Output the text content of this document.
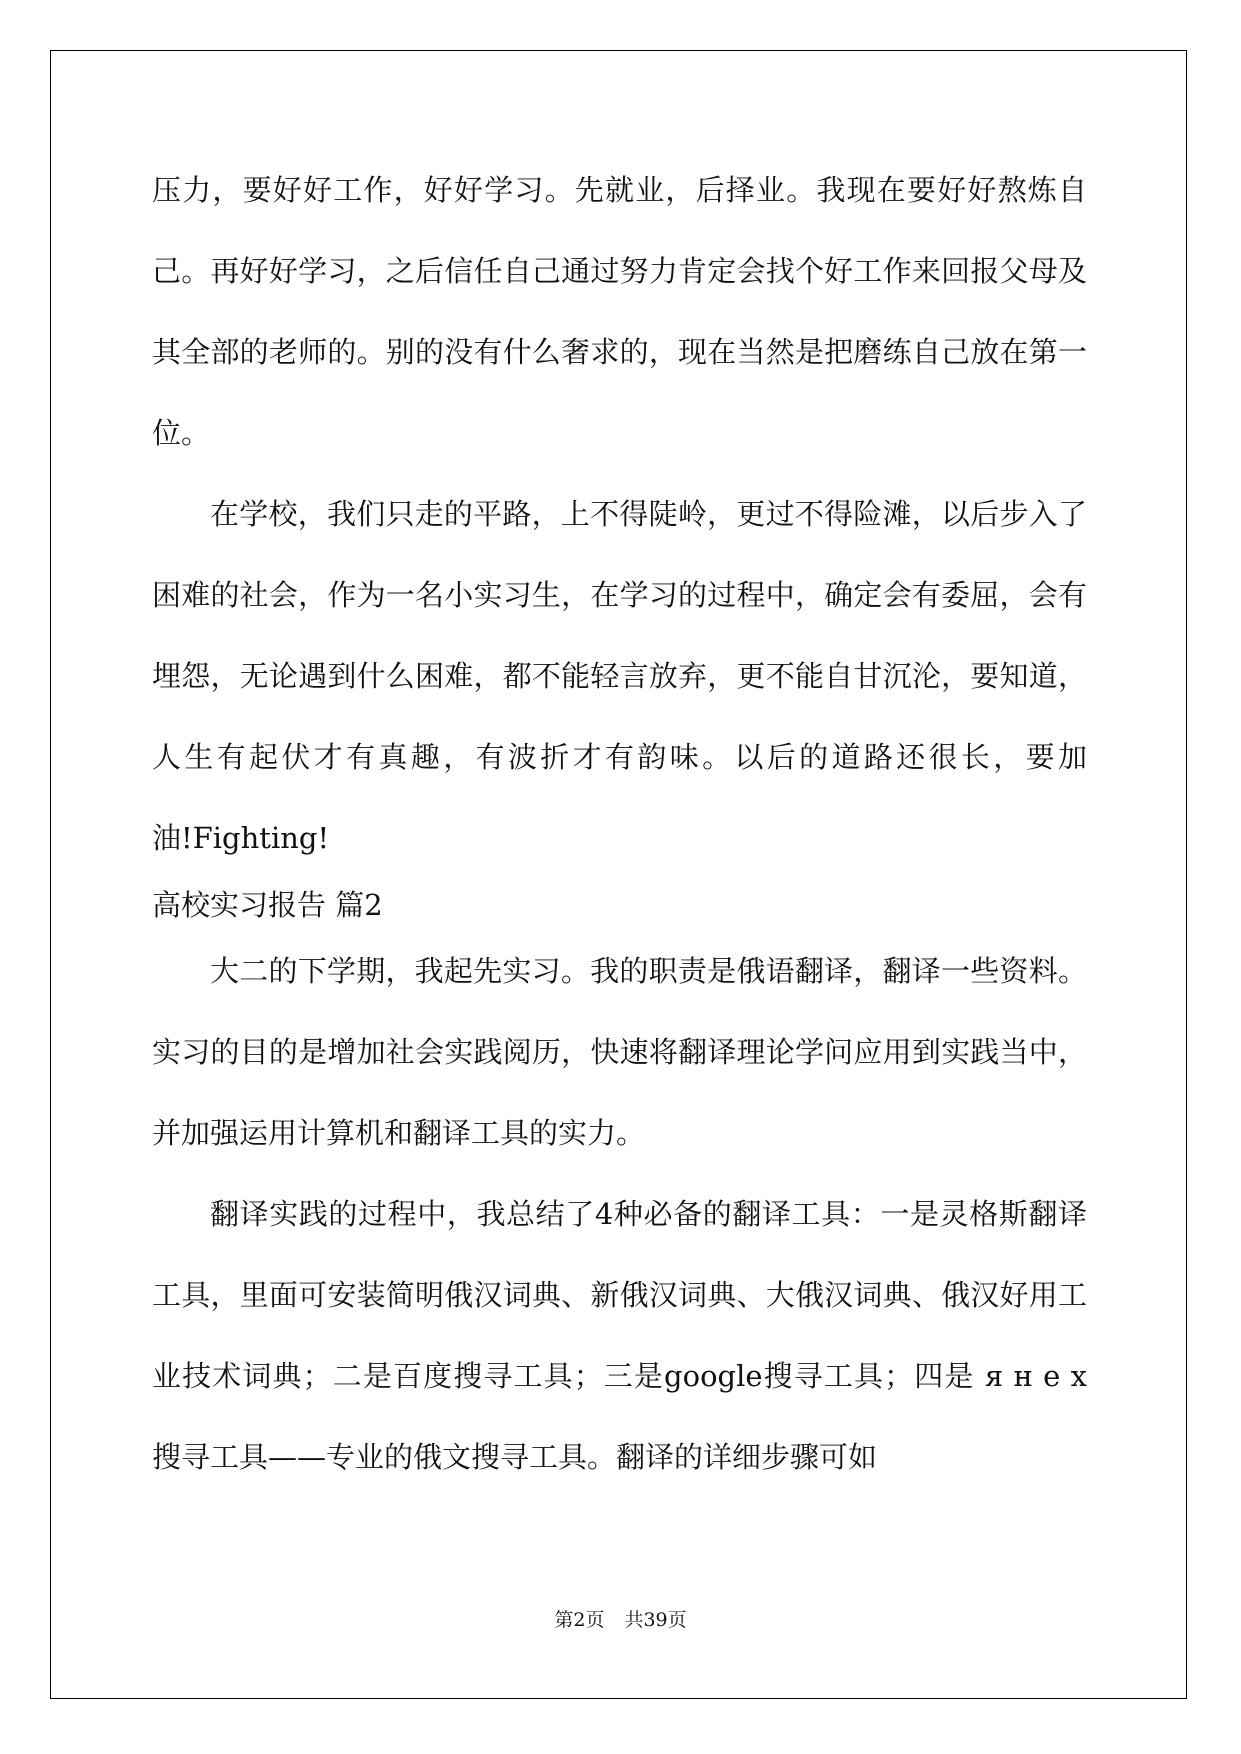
压力，要好好工作，好好学习。先就业，后择业。我现在要好好熬炼自己。再好好学习，之后信任自己通过努力肯定会找个好工作来回报父母及其全部的老师的。别的没有什么奢求的，现在当然是把磨练自己放在第一位。

在学校，我们只走的平路，上不得陡岭，更过不得险滩，以后步入了困难的社会，作为一名小实习生，在学习的过程中，确定会有委屈，会有埋怨，无论遇到什么困难，都不能轻言放弃，更不能自甘沉沦，要知道，人生有起伏才有真趣，有波折才有韵味。以后的道路还很长，要加油!Fighting!

高校实习报告 篇2

大二的下学期，我起先实习。我的职责是俄语翻译，翻译一些资料。实习的目的是增加社会实践阅历，快速将翻译理论学问应用到实践当中，并加强运用计算机和翻译工具的实力。

翻译实践的过程中，我总结了4种必备的翻译工具：一是灵格斯翻译工具，里面可安装简明俄汉词典、新俄汉词典、大俄汉词典、俄汉好用工业技术词典；二是百度搜寻工具；三是google搜寻工具；四是 я н е х 搜寻工具——专业的俄文搜寻工具。翻译的详细步骤可如

第2页 共39页
